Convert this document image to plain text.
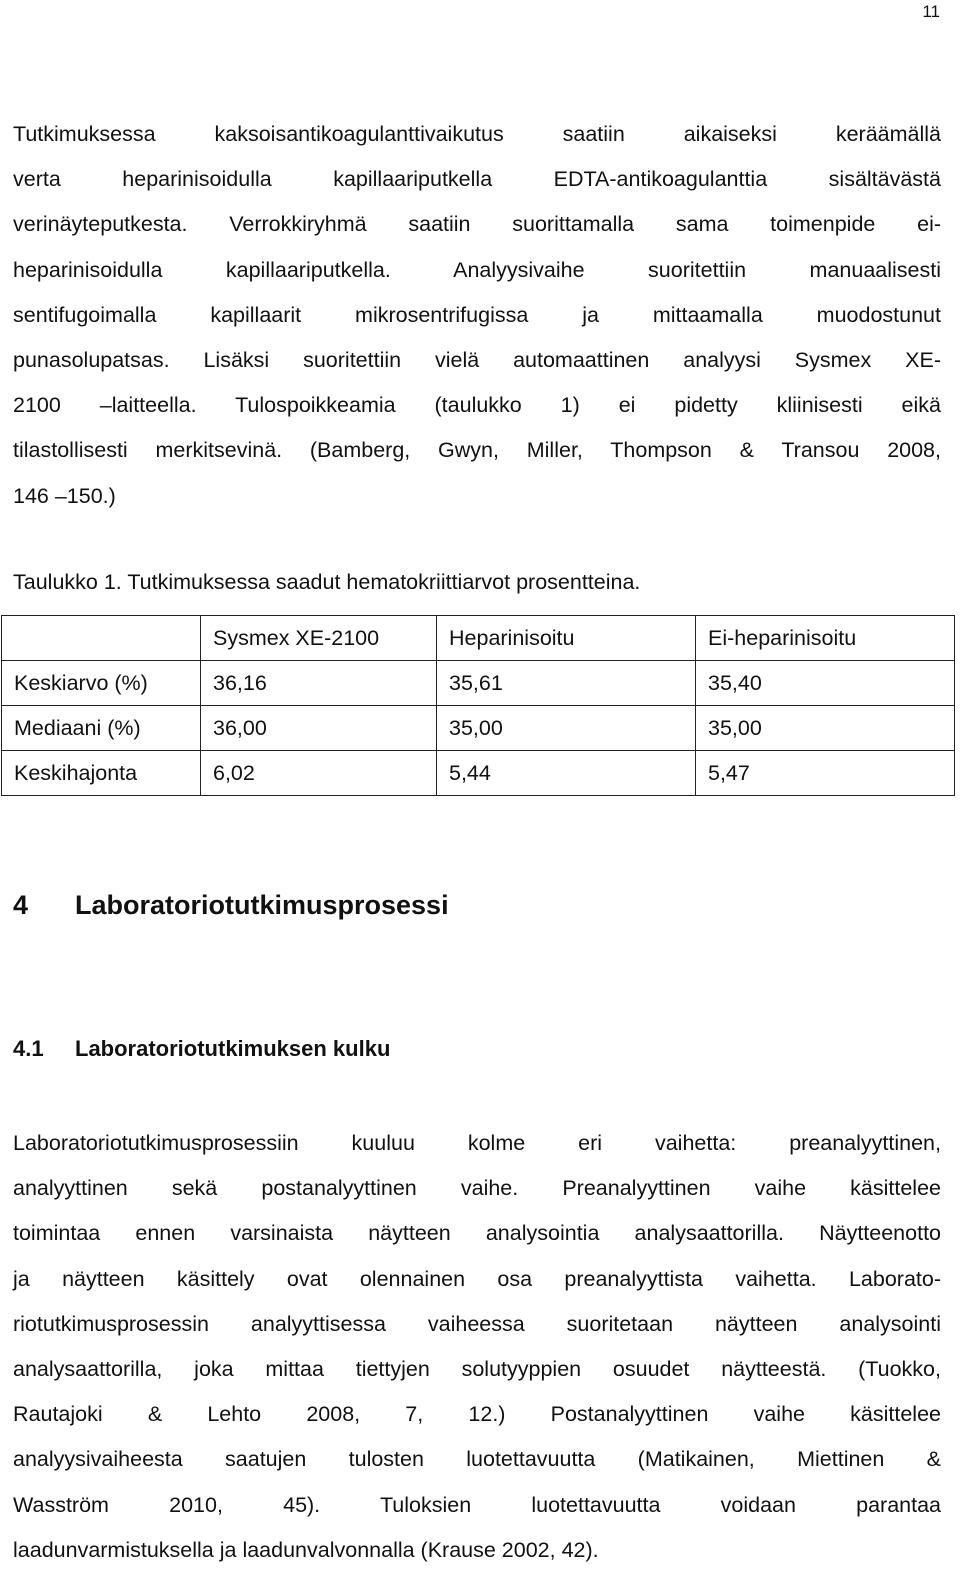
11
Tutkimuksessa kaksoisantikoagulanttivaikutus saatiin aikaiseksi keräämällä
verta heparinisoidulla kapillaariputkella EDTA-antikoagulanttia sisältävästä
verinäyteputkesta. Verrokkiryhmä saatiin suorittamalla sama toimenpide ei-
heparinisoidulla kapillaariputkella. Analyysivaihe suoritettiin manuaalisesti
sentifugoimalla kapillaarit mikrosentrifugissa ja mittaamalla muodostunut
punasolupatsas. Lisäksi suoritettiin vielä automaattinen analyysi Sysmex XE-
2100 –laitteella. Tulospoikkeamia (taulukko 1) ei pidetty kliinisesti eikä
tilastollisesti merkitsevinä. (Bamberg, Gwyn, Miller, Thompson & Transou 2008,
146 –150.)
Taulukko 1. Tutkimuksessa saadut hematokriittiarvot prosentteina.
	Sysmex XE-2100	Heparinisoitu	Ei-heparinisoitu
Keskiarvo (%)	36,16	35,61	35,40
Mediaani (%)	36,00	35,00	35,00
Keskihajonta	6,02	5,44	5,47
4 Laboratoriotutkimusprosessi
4.1 Laboratoriotutkimuksen kulku
Laboratoriotutkimusprosessiin kuuluu kolme eri vaihetta: preanalyyttinen,
analyyttinen sekä postanalyyttinen vaihe. Preanalyyttinen vaihe käsittelee
toimintaa ennen varsinaista näytteen analysointia analysaattorilla. Näytteenotto
ja näytteen käsittely ovat olennainen osa preanalyyttista vaihetta. Laborato-
riotutkimusprosessin analyyttisessa vaiheessa suoritetaan näytteen analysointi
analysaattorilla, joka mittaa tiettyjen solutyyppien osuudet näytteestä. (Tuokko,
Rautajoki & Lehto 2008, 7, 12.) Postanalyyttinen vaihe käsittelee
analyysivaiheesta saatujen tulosten luotettavuutta (Matikainen, Miettinen &
Wasström 2010, 45). Tuloksien luotettavuutta voidaan parantaa
laadunvarmistuksella ja laadunvalvonnalla (Krause 2002, 42).
